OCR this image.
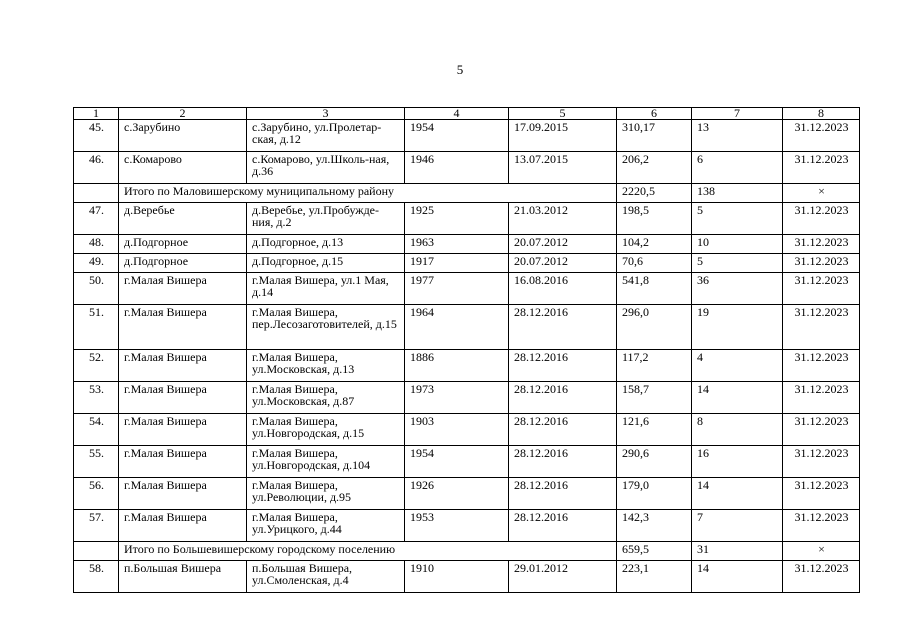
5
1	2	3	4	5	6	7	8
45.	с.Зарубино	с.Зарубино, ул.Пролетар-ская, д.12	1954	17.09.2015	310,17	13	31.12.2023
46.	с.Комарово	с.Комарово, ул.Школь-ная, д.36	1946	13.07.2015	206,2	6	31.12.2023
	Итого по Маловишерскому муниципальному району				2220,5	138	×
47.	д.Веребье	д.Веребье, ул.Пробужде-ния, д.2	1925	21.03.2012	198,5	5	31.12.2023
48.	д.Подгорное	д.Подгорное, д.13	1963	20.07.2012	104,2	10	31.12.2023
49.	д.Подгорное	д.Подгорное, д.15	1917	20.07.2012	70,6	5	31.12.2023
50.	г.Малая Вишера	г.Малая Вишера, ул.1 Мая, д.14	1977	16.08.2016	541,8	36	31.12.2023
51.	г.Малая Вишера	г.Малая Вишера, пер.Лесозаготовителей, д.15	1964	28.12.2016	296,0	19	31.12.2023
52.	г.Малая Вишера	г.Малая Вишера, ул.Московская, д.13	1886	28.12.2016	117,2	4	31.12.2023
53.	г.Малая Вишера	г.Малая Вишера, ул.Московская, д.87	1973	28.12.2016	158,7	14	31.12.2023
54.	г.Малая Вишера	г.Малая Вишера, ул.Новгородская, д.15	1903	28.12.2016	121,6	8	31.12.2023
55.	г.Малая Вишера	г.Малая Вишера, ул.Новгородская, д.104	1954	28.12.2016	290,6	16	31.12.2023
56.	г.Малая Вишера	г.Малая Вишера, ул.Революции, д.95	1926	28.12.2016	179,0	14	31.12.2023
57.	г.Малая Вишера	г.Малая Вишера, ул.Урицкого, д.44	1953	28.12.2016	142,3	7	31.12.2023
	Итого по Большевишерскому городскому поселению				659,5	31	×
58.	п.Большая Вишера	п.Большая Вишера, ул.Смоленская, д.4	1910	29.01.2012	223,1	14	31.12.2023
